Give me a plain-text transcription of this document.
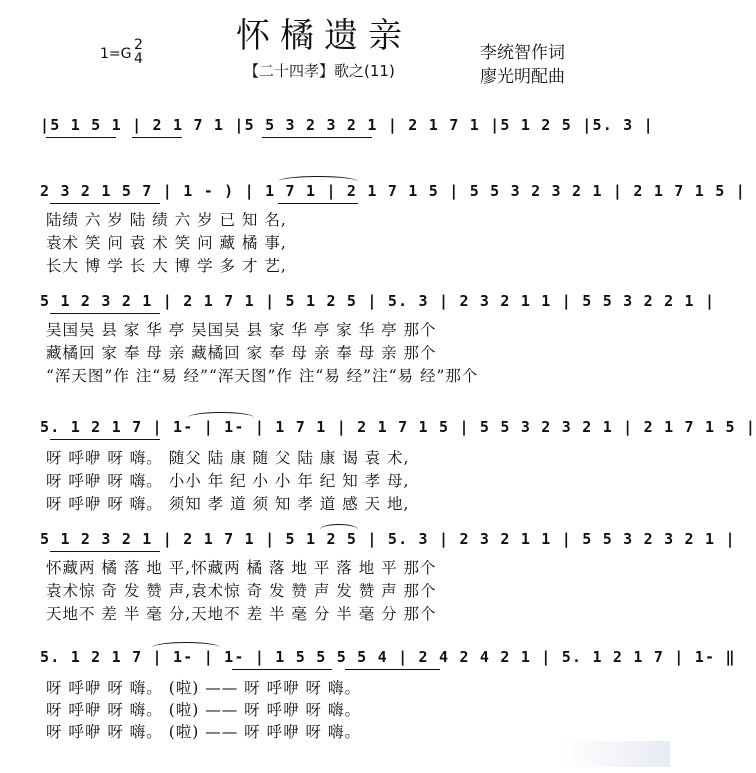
怀橘遗亲
1=G
2
4
【二十四孝】歌之(11)
李统智作词
廖光明配曲
|5 1 5 1 | 2 1 7 1 |5 5 3 2 3 2 1 | 2 1 7 1 |5 1 2 5 |5. 3 |
2 3 2 1 5 7 | 1 - ) | 1 7 1 | 2 1 7 1 5 | 5 5 3 2 3 2 1 | 2 1 7 1 5 |
陆绩 六 岁 陆 绩 六 岁 已 知 名,
袁术 笑 问 袁 术 笑 问 藏 橘 事,
长大 博 学 长 大 博 学 多 才 艺,
5 1 2 3 2 1 | 2 1 7 1 | 5 1 2 5 | 5. 3 | 2 3 2 1 1 | 5 5 3 2 2 1 |
吴国吴 县 家 华 亭 吴国吴 县 家 华 亭 家 华 亭 那个
藏橘回 家 奉 母 亲 藏橘回 家 奉 母 亲 奉 母 亲 那个
“浑天图”作 注“易 经”“浑天图”作 注“易 经”注“易 经”那个
5. 1 2 1 7 | 1- | 1- | 1 7 1 | 2 1 7 1 5 | 5 5 3 2 3 2 1 | 2 1 7 1 5 |
呀 呼咿 呀 嗨。 随父 陆 康 随 父 陆 康 谒 袁 术,
呀 呼咿 呀 嗨。 小小 年 纪 小 小 年 纪 知 孝 母,
呀 呼咿 呀 嗨。 须知 孝 道 须 知 孝 道 感 天 地,
5 1 2 3 2 1 | 2 1 7 1 | 5 1 2 5 | 5. 3 | 2 3 2 1 1 | 5 5 3 2 3 2 1 |
怀藏两 橘 落 地 平,怀藏两 橘 落 地 平 落 地 平 那个
袁术惊 奇 发 赞 声,袁术惊 奇 发 赞 声 发 赞 声 那个
天地不 差 半 毫 分,天地不 差 半 毫 分 半 毫 分 那个
5. 1 2 1 7 | 1- | 1- | 1 5 5 5 5 4 | 2 4 2 4 2 1 | 5. 1 2 1 7 | 1- ‖
呀 呼咿 呀 嗨。 (啦) —— 呀 呼咿 呀 嗨。
呀 呼咿 呀 嗨。 (啦) —— 呀 呼咿 呀 嗨。
呀 呼咿 呀 嗨。 (啦) —— 呀 呼咿 呀 嗨。
